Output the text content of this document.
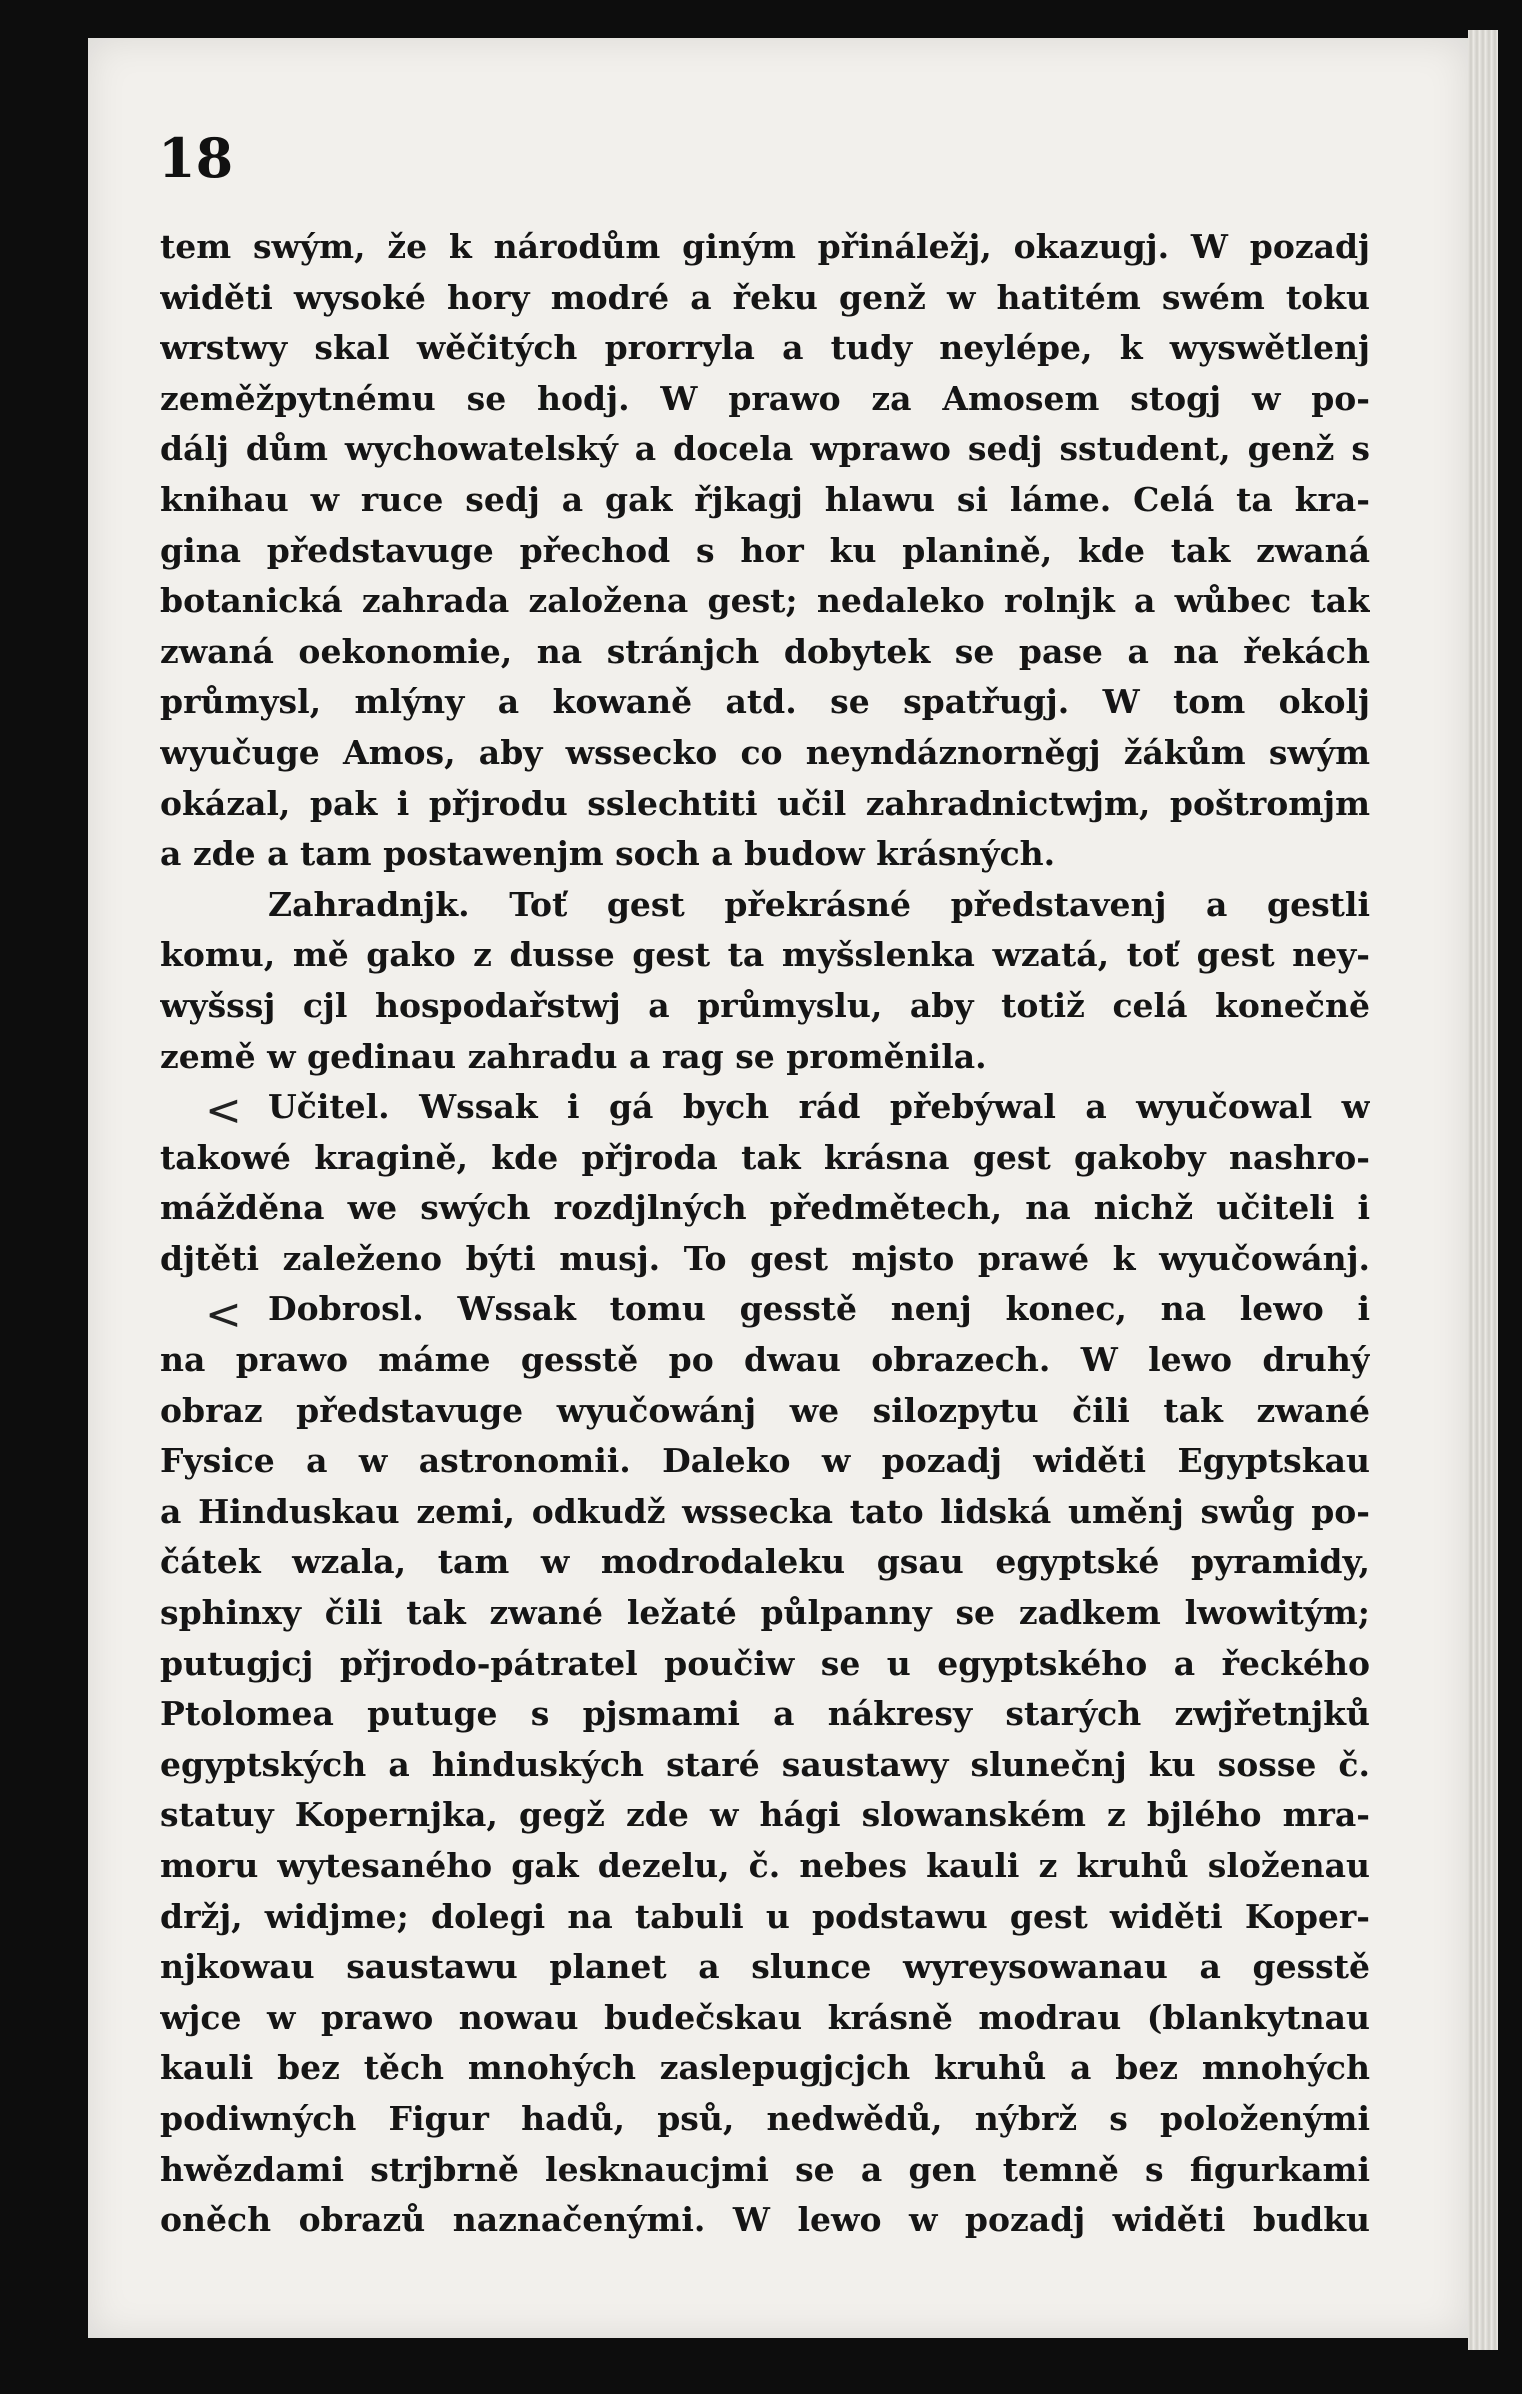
18

tem swým, že k národům giným přináležj, okazugj. W pozadj
widěti wysoké hory modré a řeku genž w hatitém swém toku
wrstwy skal wěčitých prorryla a tudy neylépe, k wyswětlenj
zeměžpytnému se hodj. W prawo za Amosem stogj w po-
dálj dům wychowatelský a docela wprawo sedj sstudent, genž s
knihau w ruce sedj a gak řjkagj hlawu si láme. Celá ta kra-
gina představuge přechod s hor ku planině, kde tak zwaná
botanická zahrada založena gest; nedaleko rolnjk a wůbec tak
zwaná oekonomie, na stránjch dobytek se pase a na řekách
průmysl, mlýny a kowaně atd. se spatřugj. W tom okolj
wyučuge Amos, aby wssecko co neyndáznorněgj žákům swým
okázal, pak i přjrodu sslechtiti učil zahradnictwjm, poštromjm
a zde a tam postawenjm soch a budow krásných.
Zahradnjk. Toť gest překrásné představenj a gestli
komu, mě gako z dusse gest ta myšslenka wzatá, toť gest ney-
wyšssj cjl hospodařstwj a průmyslu, aby totiž celá konečně
země w gedinau zahradu a rag se proměnila.
Učitel. Wssak i gá bych rád přebýwal a wyučowal w
takowé kragině, kde přjroda tak krásna gest gakoby nashro-
mážděna we swých rozdjlných předmětech, na nichž učiteli i
djtěti zaleženo býti musj. To gest mjsto prawé k wyučowánj.
Dobrosl. Wssak tomu gesstě nenj konec, na lewo i
na prawo máme gesstě po dwau obrazech. W lewo druhý
obraz představuge wyučowánj we silozpytu čili tak zwané
Fysice a w astronomii. Daleko w pozadj widěti Egyptskau
a Hinduskau zemi, odkudž wssecka tato lidská uměnj swůg po-
čátek wzala, tam w modrodaleku gsau egyptské pyramidy,
sphinxy čili tak zwané ležaté půlpanny se zadkem lwowitým;
putugjcj přjrodo-pátratel poučiw se u egyptského a řeckého
Ptolomea putuge s pjsmami a nákresy starých zwjřetnjků
egyptských a hinduských staré saustawy slunečnj ku sosse č.
statuy Kopernjka, gegž zde w hági slowanském z bjlého mra-
moru wytesaného gak dezelu, č. nebes kauli z kruhů složenau
držj, widjme; dolegi na tabuli u podstawu gest widěti Koper-
njkowau saustawu planet a slunce wyreysowanau a gesstě
wjce w prawo nowau budečskau krásně modrau (blankytnau
kauli bez těch mnohých zaslepugjcjch kruhů a bez mnohých
podiwných Figur hadů, psů, nedwědů, nýbrž s položenými
hwězdami strjbrně lesknaucjmi se a gen temně s figurkami
oněch obrazů naznačenými. W lewo w pozadj widěti budku
<
<
